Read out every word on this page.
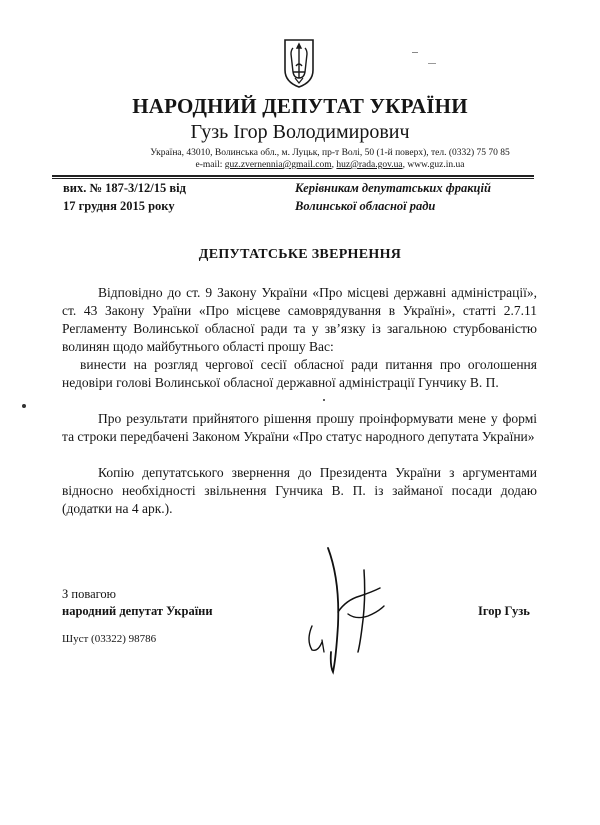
НАРОДНИЙ ДЕПУТАТ УКРАЇНИ
Гузь Ігор Володимирович
Україна, 43010, Волинська обл., м. Луцьк, пр-т Волі, 50 (1-й поверх), тел. (0332) 75 70 85
e-mail: guz.zvernennia@gmail.com, huz@rada.gov.ua, www.guz.in.ua
вих. № 187-3/12/15 від
17 грудня 2015 року
Керівникам депутатських фракцій
Волинської обласної ради
ДЕПУТАТСЬКЕ ЗВЕРНЕННЯ
Відповідно до ст. 9 Закону України «Про місцеві державні адміністрації», ст. 43 Закону Ураїни «Про місцеве самоврядування в Україні», статті 2.7.11 Регламенту Волинської обласної ради та у зв’язку із загальною стурбованістю волинян щодо майбутнього області прошу Вас:
винести на розгляд чергової сесії обласної ради питання про оголошення недовіри голові Волинської обласної державної адміністрації Гунчику В. П.
Про результати прийнятого рішення прошу проінформувати мене у формі та строки передбачені Законом України «Про статус народного депутата України»
Копію депутатського звернення до Президента України з аргументами відносно необхідності звільнення Гунчика В. П. із займаної посади додаю (додатки на 4 арк.).
З повагою
народний депутат України	Ігор Гузь
Шуст (03322) 98786
